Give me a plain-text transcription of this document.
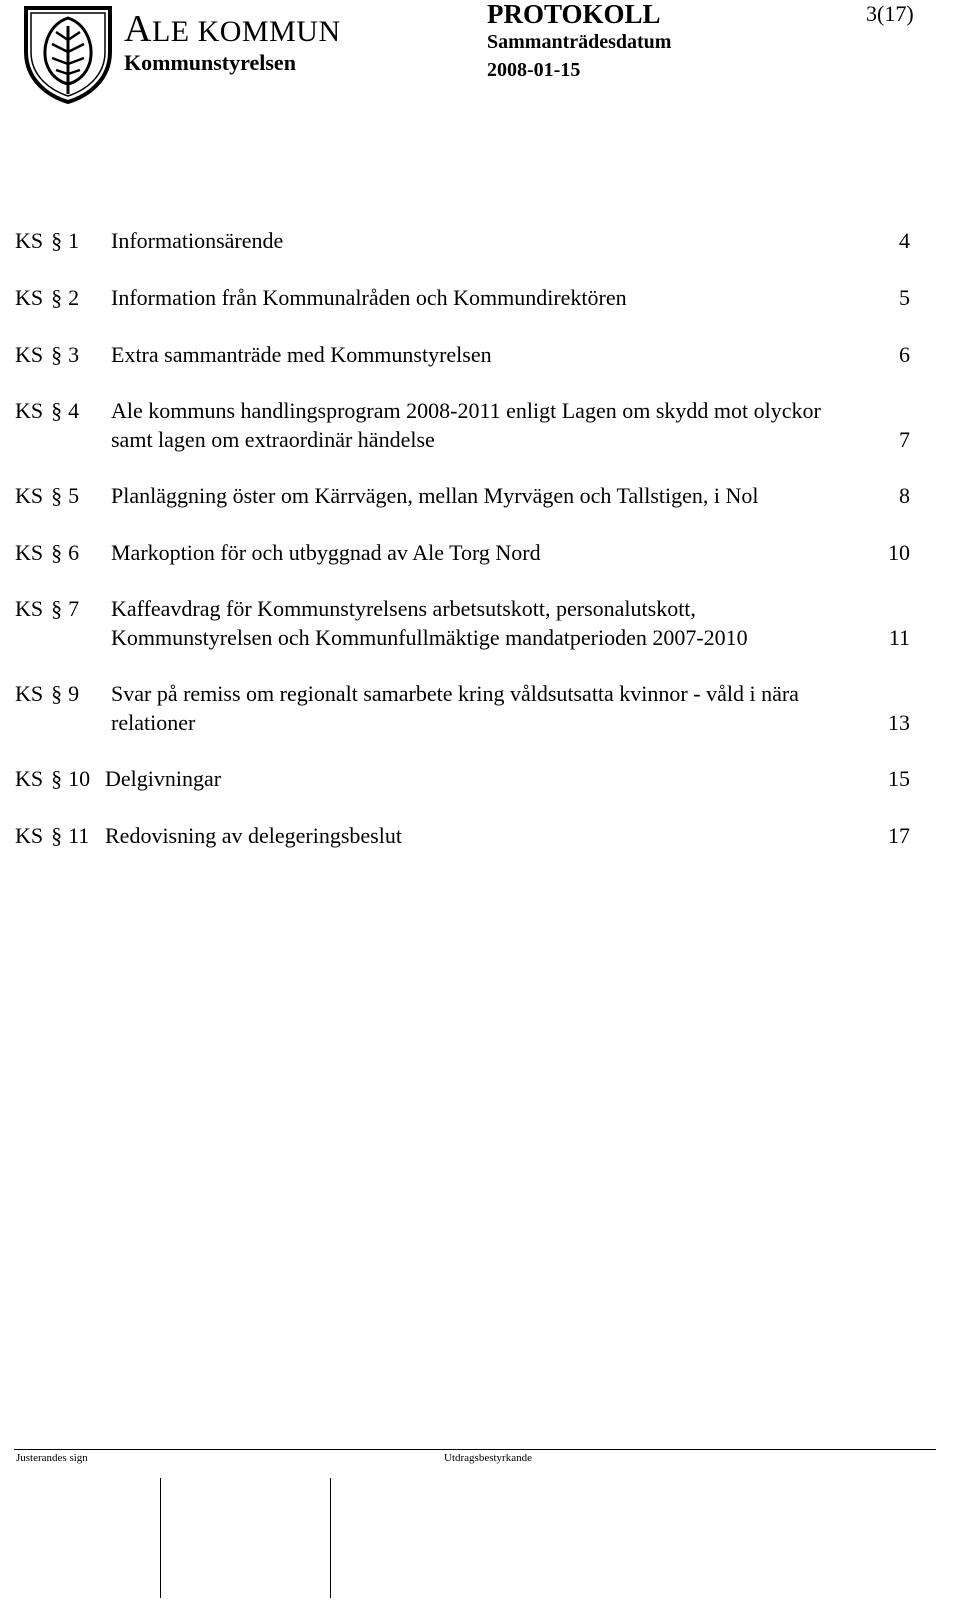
ALE KOMMUN
Kommunstyrelsen
PROTOKOLL	3(17)
Sammanträdesdatum
2008-01-15
KS § 1 Informationsärende	4
KS § 2 Information från Kommunalråden och Kommundirektören	5
KS § 3 Extra sammanträde med Kommunstyrelsen	6
KS § 4 Ale kommuns handlingsprogram 2008-2011 enligt Lagen om skydd mot olyckor
samt lagen om extraordinär händelse	7
KS § 5 Planläggning öster om Kärrvägen, mellan Myrvägen och Tallstigen, i Nol	8
KS § 6 Markoption för och utbyggnad av Ale Torg Nord	10
KS § 7 Kaffeavdrag för Kommunstyrelsens arbetsutskott, personalutskott,
Kommunstyrelsen och Kommunfullmäktige mandatperioden 2007-2010	11
KS § 9 Svar på remiss om regionalt samarbete kring våldsutsatta kvinnor - våld i nära
relationer	13
KS § 10 Delgivningar	15
KS § 11 Redovisning av delegeringsbeslut	17
Justerandes sign	Utdragsbestyrkande
